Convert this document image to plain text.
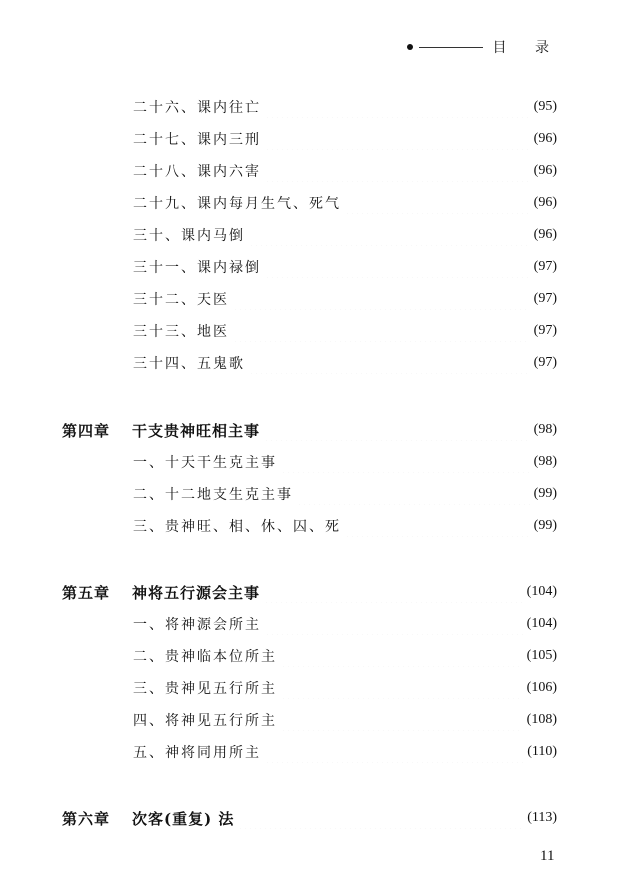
目 录
二十六、课内往亡	(95)
二十七、课内三刑	(96)
二十八、课内六害	(96)
二十九、课内每月生气、死气	(96)
三十、课内马倒	(96)
三十一、课内禄倒	(97)
三十二、天医	(97)
三十三、地医	(97)
三十四、五鬼歌	(97)
第四章	干支贵神旺相主事	(98)
一、十天干生克主事	(98)
二、十二地支生克主事	(99)
三、贵神旺、相、休、囚、死	(99)
第五章	神将五行源会主事	(104)
一、将神源会所主	(104)
二、贵神临本位所主	(105)
三、贵神见五行所主	(106)
四、将神见五行所主	(108)
五、神将同用所主	(110)
第六章	次客(重复) 法	(113)
11
